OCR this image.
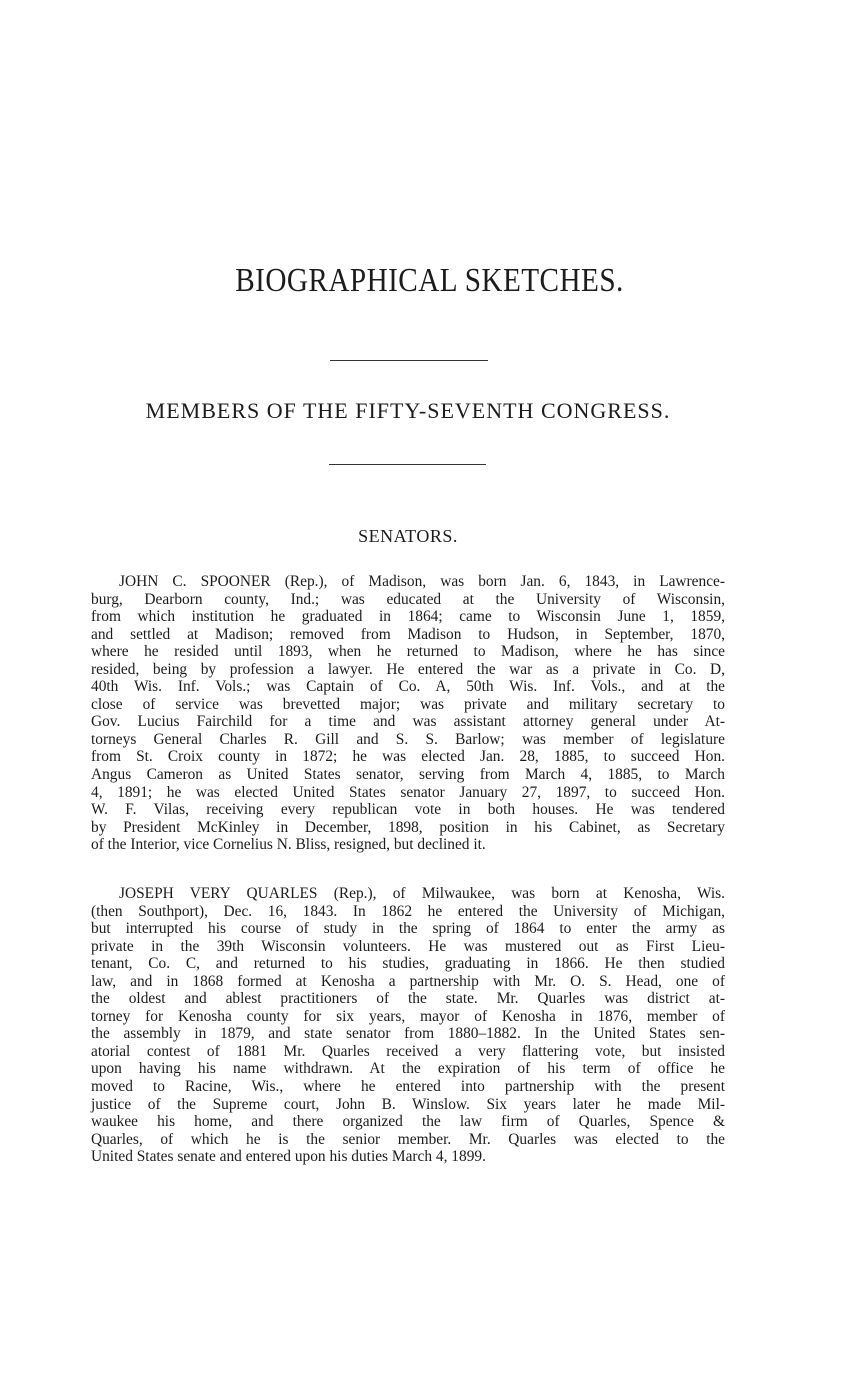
BIOGRAPHICAL SKETCHES.
MEMBERS OF THE FIFTY-SEVENTH CONGRESS.
SENATORS.
JOHN C. SPOONER (Rep.), of Madison, was born Jan. 6, 1843, in Lawrence-
burg, Dearborn county, Ind.; was educated at the University of Wisconsin,
from which institution he graduated in 1864; came to Wisconsin June 1, 1859,
and settled at Madison; removed from Madison to Hudson, in September, 1870,
where he resided until 1893, when he returned to Madison, where he has since
resided, being by profession a lawyer. He entered the war as a private in Co. D,
40th Wis. Inf. Vols.; was Captain of Co. A, 50th Wis. Inf. Vols., and at the
close of service was brevetted major; was private and military secretary to
Gov. Lucius Fairchild for a time and was assistant attorney general under At-
torneys General Charles R. Gill and S. S. Barlow; was member of legislature
from St. Croix county in 1872; he was elected Jan. 28, 1885, to succeed Hon.
Angus Cameron as United States senator, serving from March 4, 1885, to March
4, 1891; he was elected United States senator January 27, 1897, to succeed Hon.
W. F. Vilas, receiving every republican vote in both houses. He was tendered
by President McKinley in December, 1898, position in his Cabinet, as Secretary
of the Interior, vice Cornelius N. Bliss, resigned, but declined it.
JOSEPH VERY QUARLES (Rep.), of Milwaukee, was born at Kenosha, Wis.
(then Southport), Dec. 16, 1843. In 1862 he entered the University of Michigan,
but interrupted his course of study in the spring of 1864 to enter the army as
private in the 39th Wisconsin volunteers. He was mustered out as First Lieu-
tenant, Co. C, and returned to his studies, graduating in 1866. He then studied
law, and in 1868 formed at Kenosha a partnership with Mr. O. S. Head, one of
the oldest and ablest practitioners of the state. Mr. Quarles was district at-
torney for Kenosha county for six years, mayor of Kenosha in 1876, member of
the assembly in 1879, and state senator from 1880–1882. In the United States sen-
atorial contest of 1881 Mr. Quarles received a very flattering vote, but insisted
upon having his name withdrawn. At the expiration of his term of office he
moved to Racine, Wis., where he entered into partnership with the present
justice of the Supreme court, John B. Winslow. Six years later he made Mil-
waukee his home, and there organized the law firm of Quarles, Spence &
Quarles, of which he is the senior member. Mr. Quarles was elected to the
United States senate and entered upon his duties March 4, 1899.
